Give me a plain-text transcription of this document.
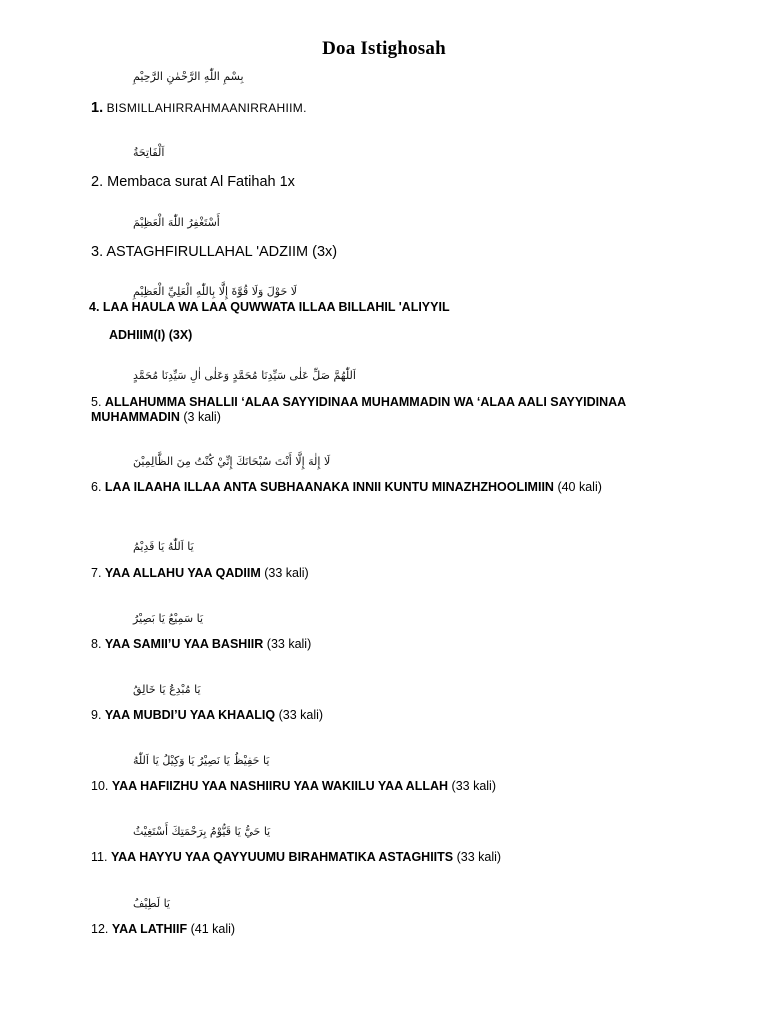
Doa Istighosah
بِسْمِ اللّٰهِ الرَّحْمٰنِ الرَّحِيْمِ
1. BISMILLAHIRRAHMAANIRRAHIIM.
اَلْفَاتِحَةُ
2. Membaca surat Al Fatihah 1x
أَسْتَغْفِرُ اللّٰهَ الْعَظِيْمَ
3. ASTAGHFIRULLAHAL 'ADZIIM (3x)
لَا حَوْلَ وَلَا قُوَّةَ إِلَّا بِاللّٰهِ الْعَلِيِّ الْعَظِيْمِ
4. LAA HAULA WA LAA QUWWATA ILLAA BILLAHIL 'ALIYYIL
ADHIIM(I) (3X)
اَللّٰهُمَّ صَلِّ عَلٰى سَيِّدِنَا مُحَمَّدٍ وَعَلٰى اٰلِ سَيِّدِنَا مُحَمَّدٍ
5. ALLAHUMMA SHALLII ‘ALAA SAYYIDINAA MUHAMMADIN WA ‘ALAA AALI SAYYIDINAA MUHAMMADIN (3 kali)
لَا إِلٰهَ إِلَّا أَنْتَ سُبْحَانَكَ إِنِّيْ كُنْتُ مِنَ الظَّالِمِيْنَ
6. LAA ILAAHA ILLAA ANTA SUBHAANAKA INNII KUNTU MINAZHZHOOLIMIIN (40 kali)
يَا اَللّٰهُ يَا قَدِيْمُ
7. YAA ALLAHU YAA QADIIM (33 kali)
يَا سَمِيْعُ يَا بَصِيْرُ
8. YAA SAMII’U YAA BASHIIR (33 kali)
يَا مُبْدِعُ يَا خَالِقُ
9. YAA MUBDI’U YAA KHAALIQ (33 kali)
يَا حَفِيْظُ يَا نَصِيْرُ يَا وَكِيْلُ يَا اَللّٰهُ
10. YAA HAFIIZHU YAA NASHIIRU YAA WAKIILU YAA ALLAH (33 kali)
يَا حَيُّ يَا قَيُّوْمُ بِرَحْمَتِكَ أَسْتَغِيْثُ
11. YAA HAYYU YAA QAYYUUMU BIRAHMATIKA ASTAGHIITS (33 kali)
يَا لَطِيْفُ
12. YAA LATHIIF (41 kali)
